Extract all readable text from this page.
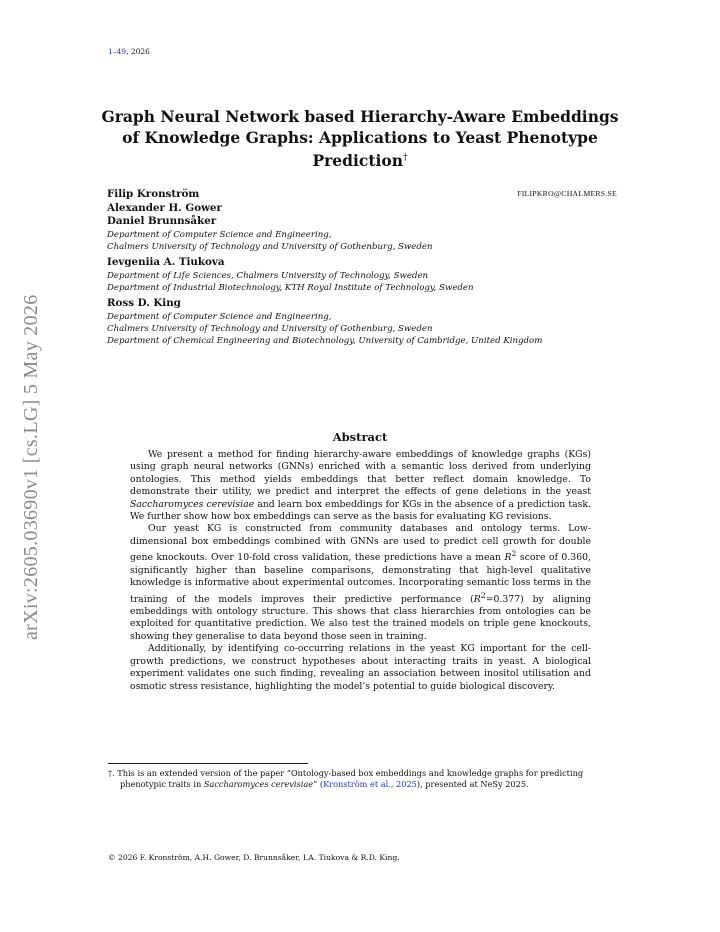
1–49, 2026
arXiv:2605.03690v1 [cs.LG] 5 May 2026
Graph Neural Network based Hierarchy-Aware Embeddings of Knowledge Graphs: Applications to Yeast Phenotype Prediction†
FILIPKRO@CHALMERS.SE
Filip Kronström
Alexander H. Gower
Daniel Brunnsåker
Department of Computer Science and Engineering,
Chalmers University of Technology and University of Gothenburg, Sweden
Ievgeniia A. Tiukova
Department of Life Sciences, Chalmers University of Technology, Sweden
Department of Industrial Biotechnology, KTH Royal Institute of Technology, Sweden
Ross D. King
Department of Computer Science and Engineering,
Chalmers University of Technology and University of Gothenburg, Sweden
Department of Chemical Engineering and Biotechnology, University of Cambridge, United Kingdom
Abstract

We present a method for finding hierarchy-aware embeddings of knowledge graphs (KGs) using graph neural networks (GNNs) enriched with a semantic loss derived from underlying ontologies. This method yields embeddings that better reflect domain knowledge. To demonstrate their utility, we predict and interpret the effects of gene deletions in the yeast Saccharomyces cerevisiae and learn box embeddings for KGs in the absence of a prediction task. We further show how box embeddings can serve as the basis for evaluating KG revisions.

Our yeast KG is constructed from community databases and ontology terms. Low-dimensional box embeddings combined with GNNs are used to predict cell growth for double gene knockouts. Over 10-fold cross validation, these predictions have a mean $R^2$ score of 0.360, significantly higher than baseline comparisons, demonstrating that high-level qualitative knowledge is informative about experimental outcomes. Incorporating semantic loss terms in the training of the models improves their predictive performance $(R^2=0.377)$ by aligning embeddings with ontology structure. This shows that class hierarchies from ontologies can be exploited for quantitative prediction. We also test the trained models on triple gene knockouts, showing they generalise to data beyond those seen in training.

Additionally, by identifying co-occurring relations in the yeast KG important for the cell-growth predictions, we construct hypotheses about interacting traits in yeast. A biological experiment validates one such finding, revealing an association between inositol utilisation and osmotic stress resistance, highlighting the model’s potential to guide biological discovery.

†. This is an extended version of the paper “Ontology-based box embeddings and knowledge graphs for predicting phenotypic traits in Saccharomyces cerevisiae” (Kronström et al., 2025), presented at NeSy 2025.
© 2026 F. Kronström, A.H. Gower, D. Brunnsåker, I.A. Tiukova & R.D. King.
